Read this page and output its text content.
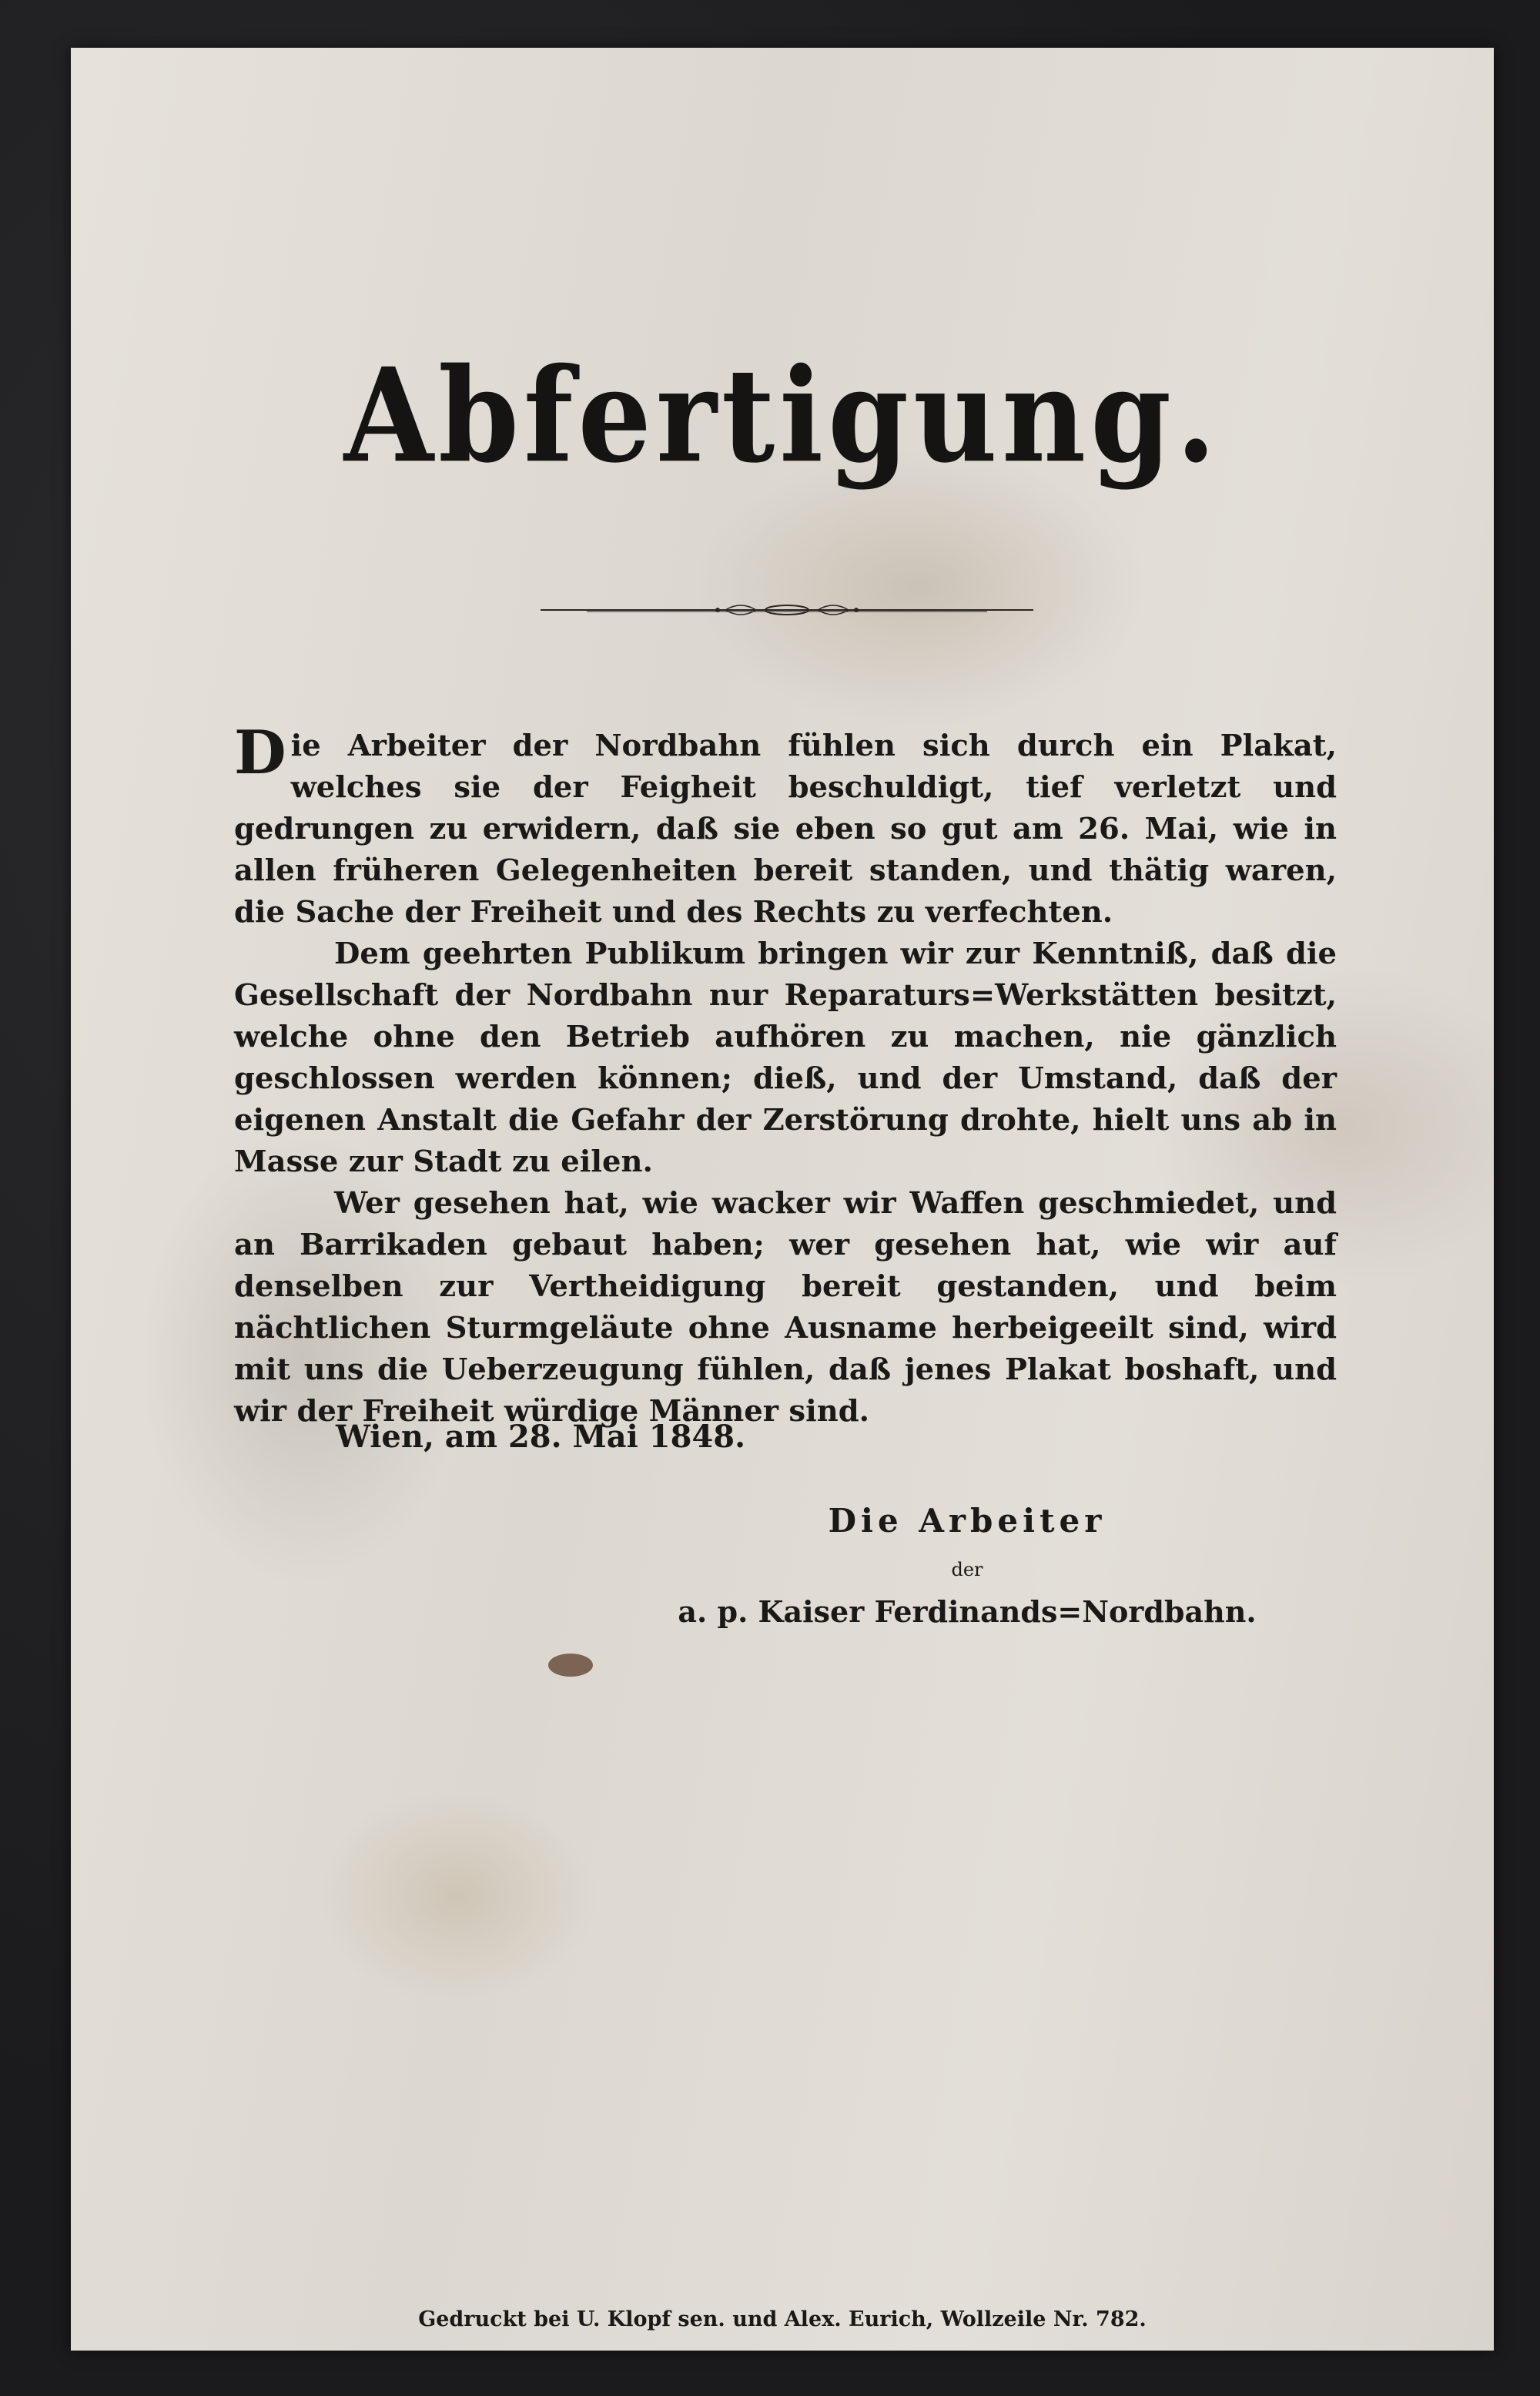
Abfertigung.

Die Arbeiter der Nordbahn fühlen sich durch ein Plakat, welches sie der Feigheit beschuldigt, tief verletzt und gedrungen zu erwidern, daß sie eben so gut am 26. Mai, wie in allen früheren Gelegenheiten bereit standen, und thätig waren, die Sache der Freiheit und des Rechts zu verfechten.

Dem geehrten Publikum bringen wir zur Kenntniß, daß die Gesellschaft der Nordbahn nur Reparaturs=Werkstätten besitzt, welche ohne den Betrieb aufhören zu machen, nie gänzlich geschlossen werden können; dieß, und der Umstand, daß der eigenen Anstalt die Gefahr der Zerstörung drohte, hielt uns ab in Masse zur Stadt zu eilen.

Wer gesehen hat, wie wacker wir Waffen geschmiedet, und an Barrikaden gebaut haben; wer gesehen hat, wie wir auf denselben zur Vertheidigung bereit gestanden, und beim nächtlichen Sturmgeläute ohne Ausname herbeigeeilt sind, wird mit uns die Ueberzeugung fühlen, daß jenes Plakat boshaft, und wir der Freiheit würdige Männer sind.

Wien, am 28. Mai 1848.
Die Arbeiter
der
a. p. Kaiser Ferdinands=Nordbahn.
Gedruckt bei U. Klopf sen. und Alex. Eurich, Wollzeile Nr. 782.
